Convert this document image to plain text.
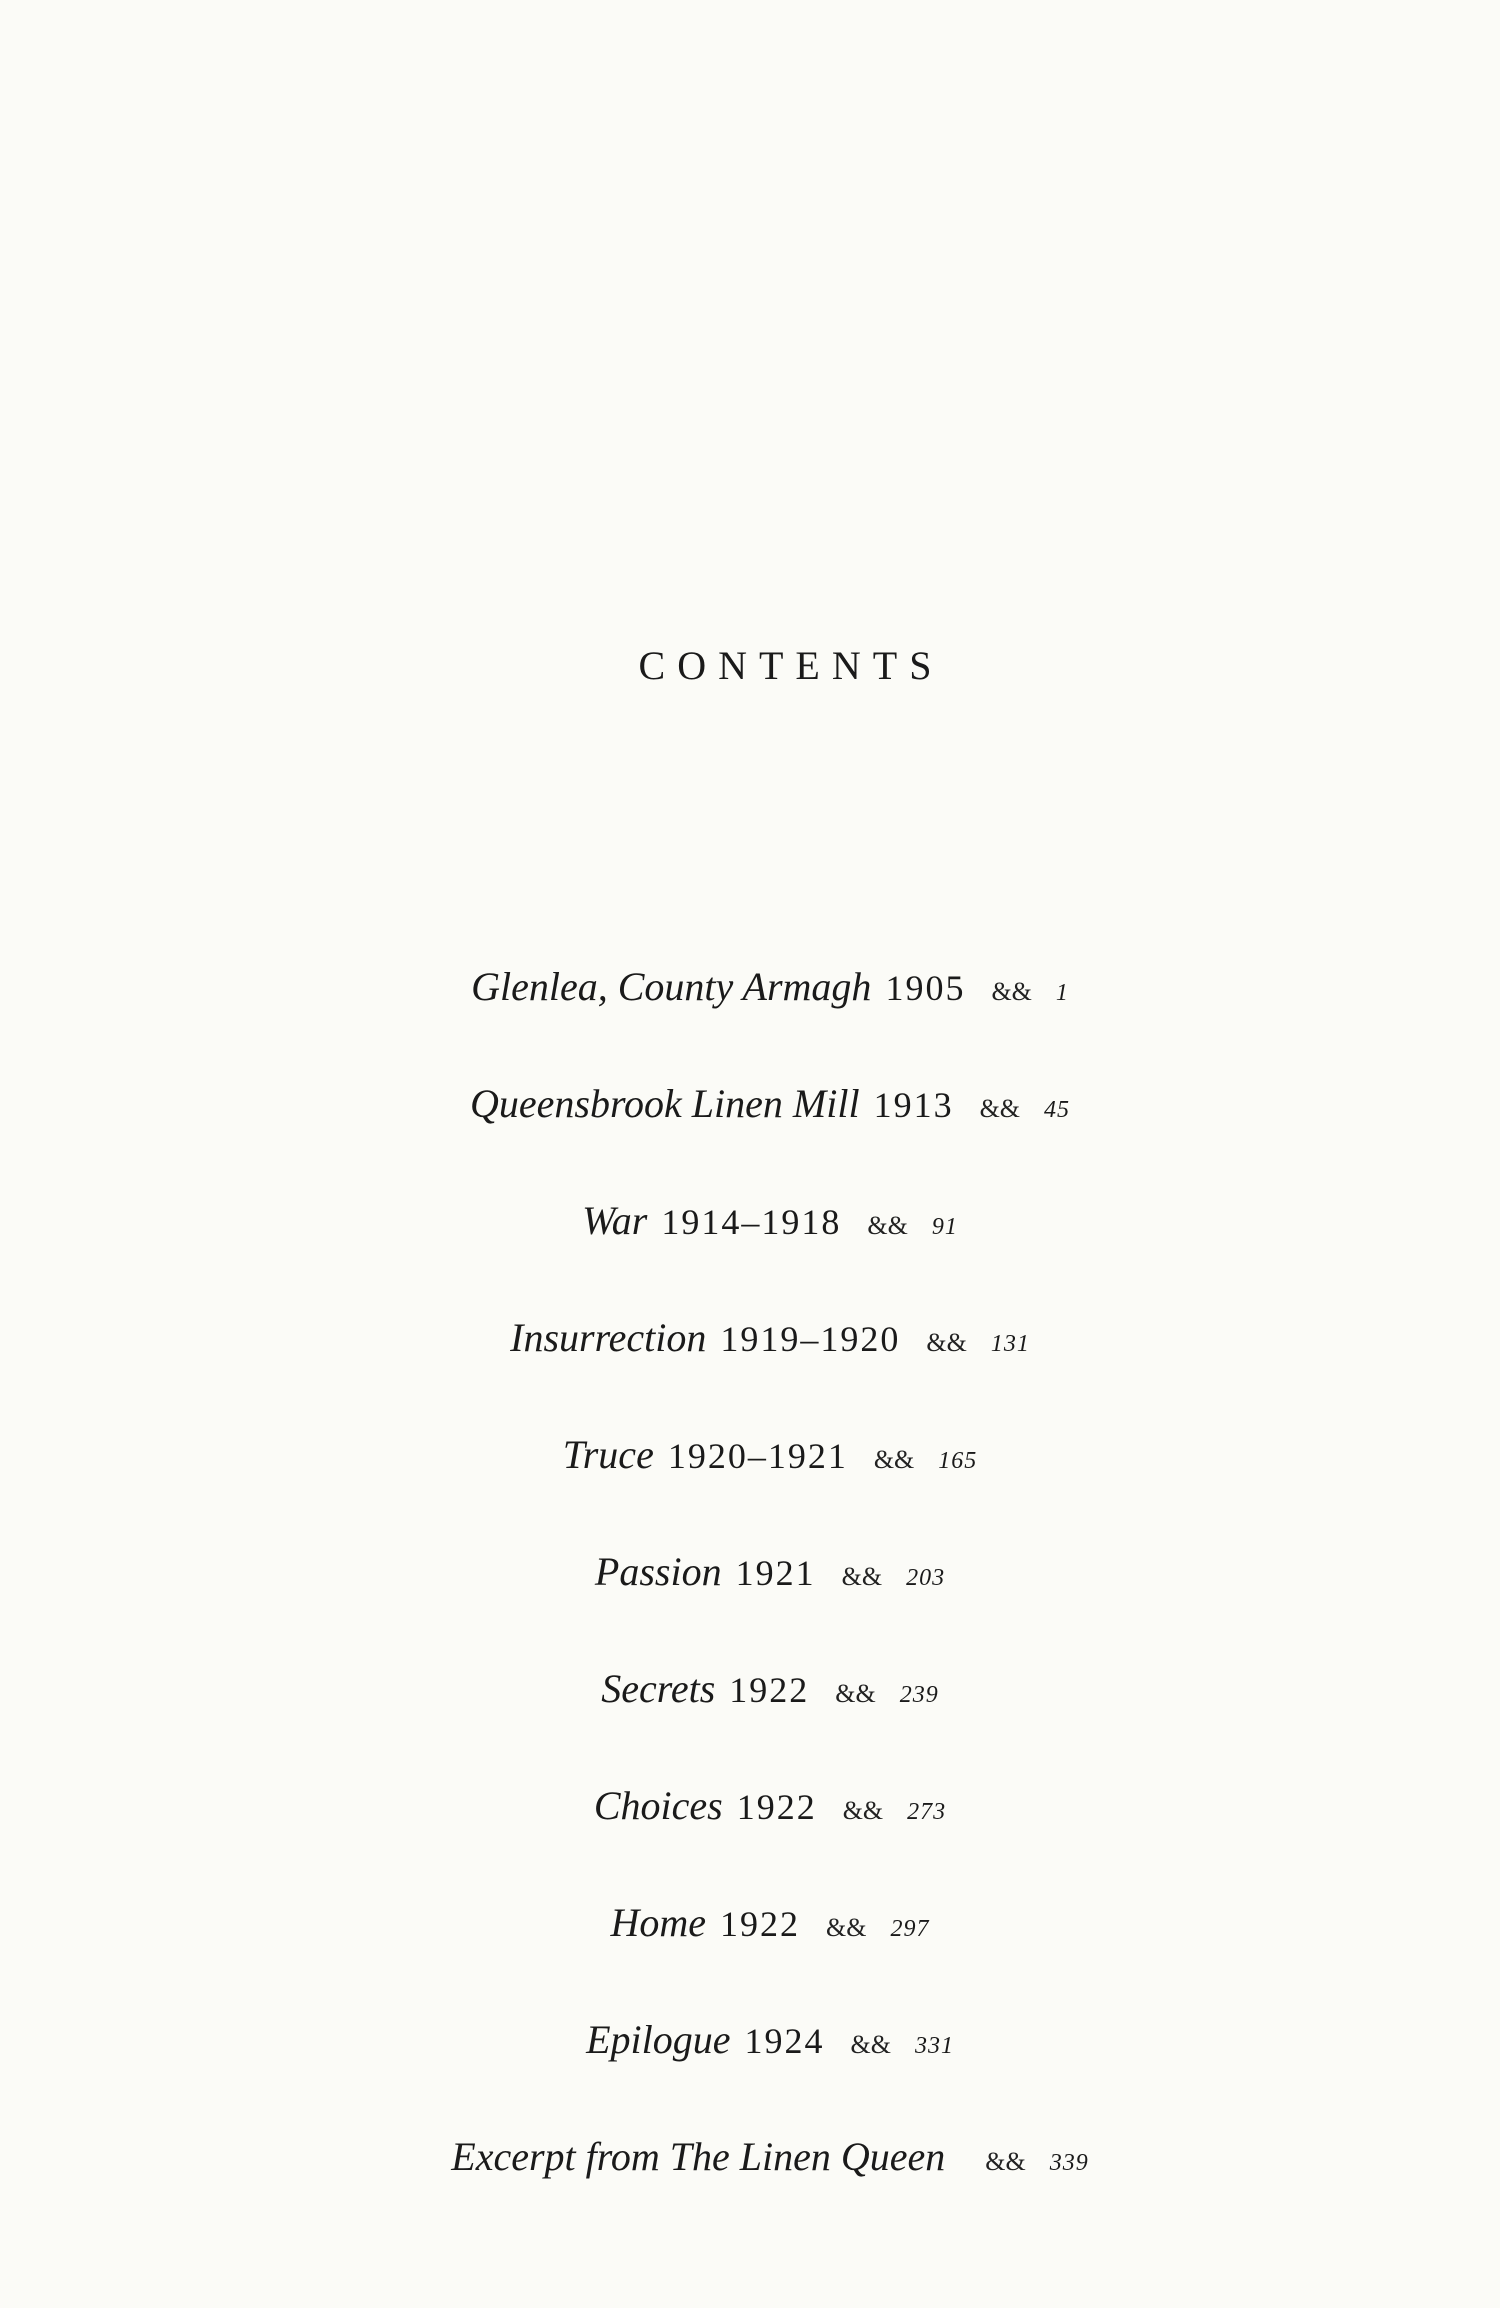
CONTENTS
Glenlea, County Armagh 1905 && 1
Queensbrook Linen Mill 1913 && 45
War 1914–1918 && 91
Insurrection 1919–1920 && 131
Truce 1920–1921 && 165
Passion 1921 && 203
Secrets 1922 && 239
Choices 1922 && 273
Home 1922 && 297
Epilogue 1924 && 331
Excerpt from The Linen Queen && 339
